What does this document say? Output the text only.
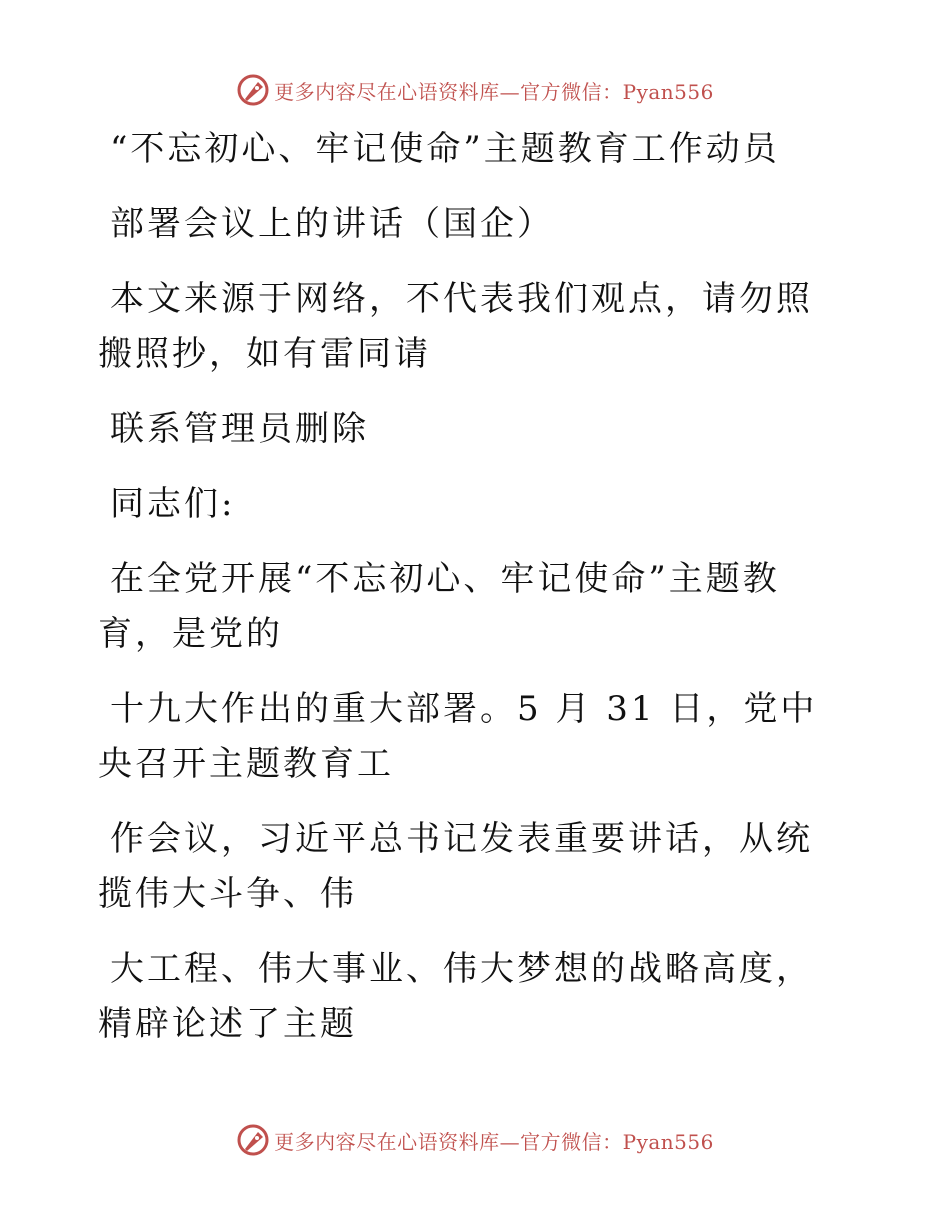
更多内容尽在心语资料库—官方微信：Pyan556

“不忘初心、牢记使命”主题教育工作动员

部署会议上的讲话（国企）

本文来源于网络，不代表我们观点，请勿照搬照抄，如有雷同请

联系管理员删除

同志们:

在全党开展“不忘初心、牢记使命”主题教育，是党的

十九大作出的重大部署。5 月 31 日，党中央召开主题教育工

作会议，习近平总书记发表重要讲话，从统揽伟大斗争、伟

大工程、伟大事业、伟大梦想的战略高度，精辟论述了主题

更多内容尽在心语资料库—官方微信：Pyan556
